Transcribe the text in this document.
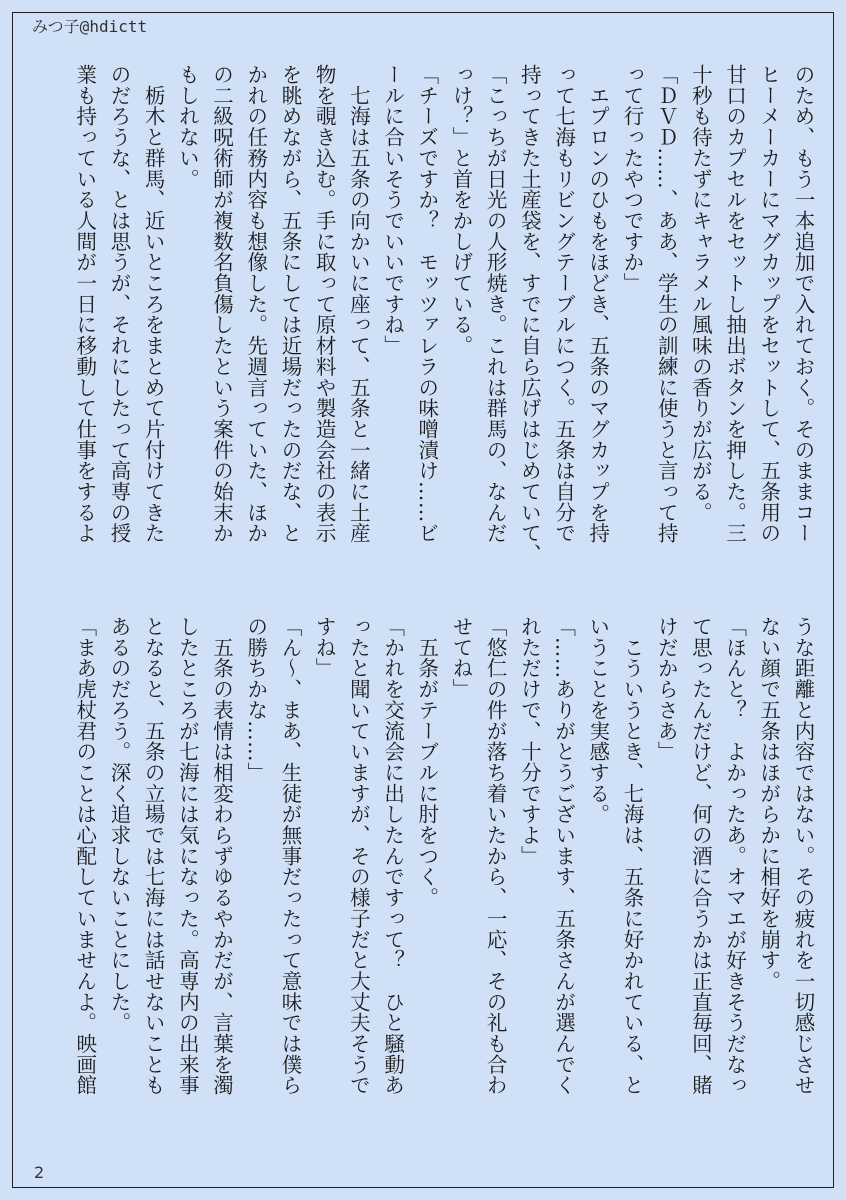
みつ子@hdictt
のため、もう一本追加で入れておく。そのままコー
ヒーメーカーにマグカップをセットして、五条用の
甘口のカプセルをセットし抽出ボタンを押した。三
十秒も待たずにキャラメル風味の香りが広がる。
「ＤＶＤ……、ああ、学生の訓練に使うと言って持
って行ったやつですか」
　エプロンのひもをほどき、五条のマグカップを持
って七海もリビングテーブルにつく。五条は自分で
持ってきた土産袋を、すでに自ら広げはじめていて、
「こっちが日光の人形焼き。これは群馬の、なんだ
っけ？」と首をかしげている。
「チーズですか？　モッツァレラの味噌漬け……ビ
ールに合いそうでいいですね」
　七海は五条の向かいに座って、五条と一緒に土産
物を覗き込む。手に取って原材料や製造会社の表示
を眺めながら、五条にしては近場だったのだな、と
かれの任務内容も想像した。先週言っていた、ほか
の二級呪術師が複数名負傷したという案件の始末か
もしれない。
　栃木と群馬、近いところをまとめて片付けてきた
のだろうな、とは思うが、それにしたって高専の授
業も持っている人間が一日に移動して仕事をするよ
うな距離と内容ではない。その疲れを一切感じさせ
ない顔で五条はほがらかに相好を崩す。
「ほんと？　よかったあ。オマエが好きそうだなっ
て思ったんだけど、何の酒に合うかは正直毎回、賭
けだからさあ」
　こういうとき、七海は、五条に好かれている、と
いうことを実感する。
「……ありがとうございます、五条さんが選んでく
れただけで、十分ですよ」
「悠仁の件が落ち着いたから、一応、その礼も合わ
せてね」
　五条がテーブルに肘をつく。
「かれを交流会に出したんですって？　ひと騒動あ
ったと聞いていますが、その様子だと大丈夫そうで
すね」
「ん～、まあ、生徒が無事だったって意味では僕ら
の勝ちかな……」
　五条の表情は相変わらずゆるやかだが、言葉を濁
したところが七海には気になった。高専内の出来事
となると、五条の立場では七海には話せないことも
あるのだろう。深く追求しないことにした。
「まあ虎杖君のことは心配していませんよ。映画館
2
